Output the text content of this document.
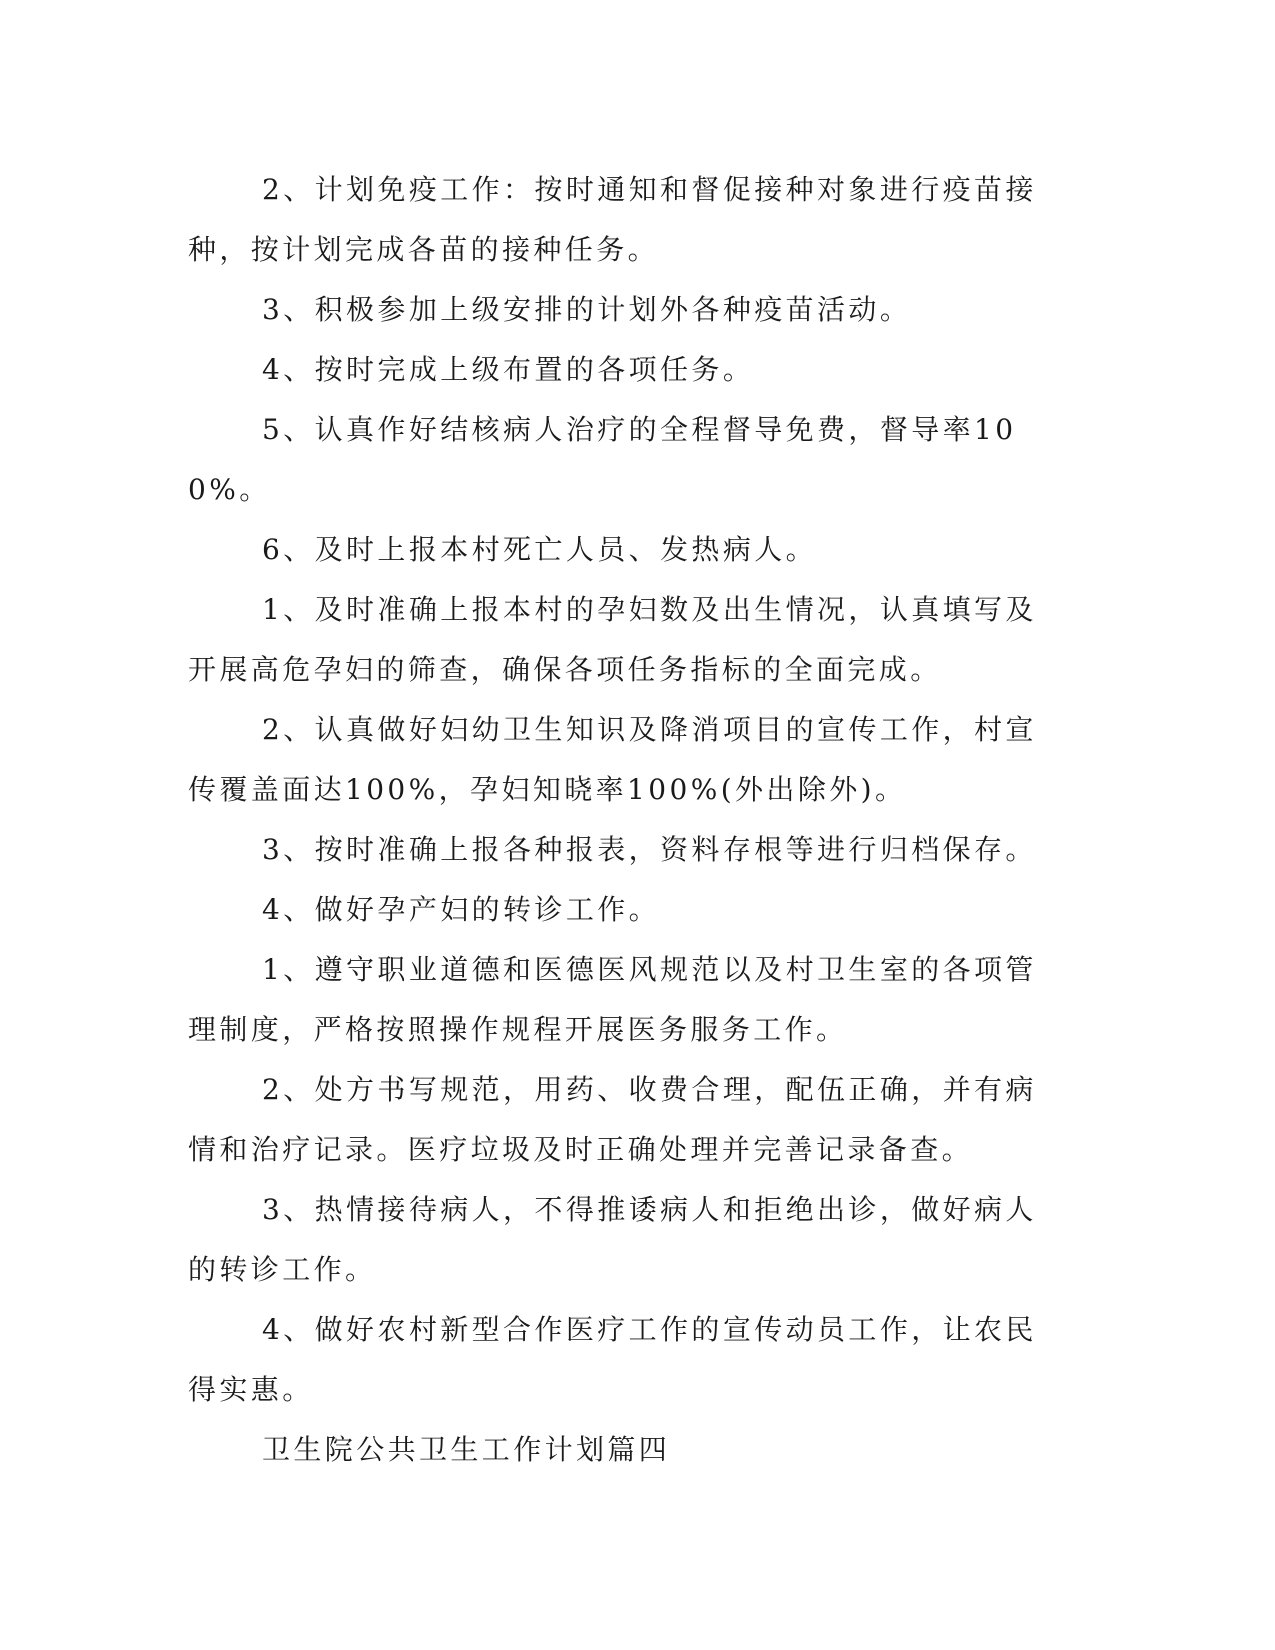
2、计划免疫工作：按时通知和督促接种对象进行疫苗接种，按计划完成各苗的接种任务。

3、积极参加上级安排的计划外各种疫苗活动。

4、按时完成上级布置的各项任务。

5、认真作好结核病人治疗的全程督导免费，督导率100%。

6、及时上报本村死亡人员、发热病人。

1、及时准确上报本村的孕妇数及出生情况，认真填写及开展高危孕妇的筛查，确保各项任务指标的全面完成。

2、认真做好妇幼卫生知识及降消项目的宣传工作，村宣传覆盖面达100%，孕妇知晓率100%(外出除外)。

3、按时准确上报各种报表，资料存根等进行归档保存。

4、做好孕产妇的转诊工作。

1、遵守职业道德和医德医风规范以及村卫生室的各项管理制度，严格按照操作规程开展医务服务工作。

2、处方书写规范，用药、收费合理，配伍正确，并有病情和治疗记录。医疗垃圾及时正确处理并完善记录备查。

3、热情接待病人，不得推诿病人和拒绝出诊，做好病人的转诊工作。

4、做好农村新型合作医疗工作的宣传动员工作，让农民得实惠。

卫生院公共卫生工作计划篇四
